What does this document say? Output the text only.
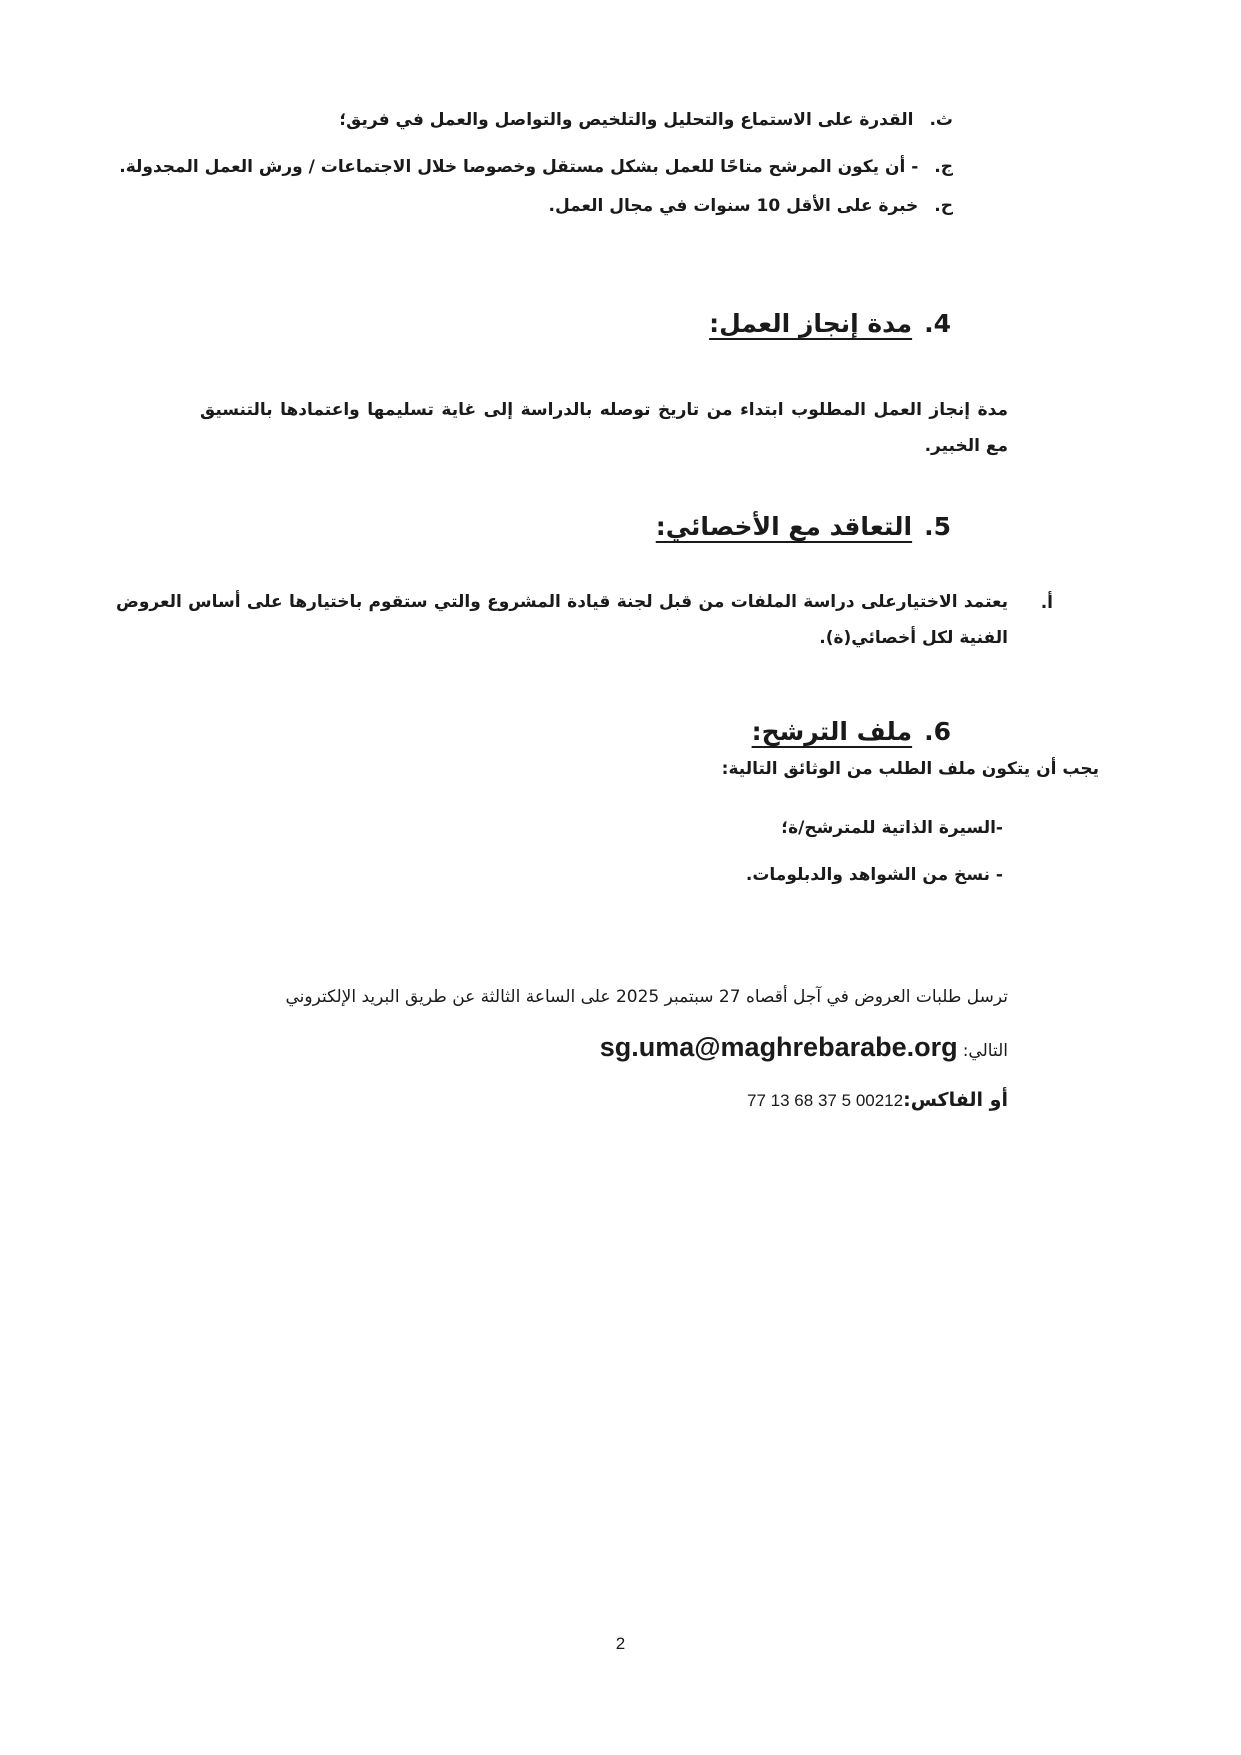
ث.القدرة على الاستماع والتحليل والتلخيص والتواصل والعمل في فريق؛
ج.- أن يكون المرشح متاحًا للعمل بشكل مستقل وخصوصا خلال الاجتماعات / ورش العمل المجدولة.
ح.خبرة على الأقل 10 سنوات في مجال العمل.
4.مدة إنجاز العمل:
مدة إنجاز العمل المطلوب ابتداء من تاريخ توصله بالدراسة إلى غاية تسليمها واعتمادها بالتنسيق مع الخبير.
5.التعاقد مع الأخصائي:
أ.
يعتمد الاختيارعلى دراسة الملفات من قبل لجنة قيادة المشروع والتي ستقوم باختيارها على أساس العروض الفنية لكل أخصائي(ة).
6.ملف الترشح:
يجب أن يتكون ملف الطلب من الوثائق التالية:
-السيرة الذاتية للمترشح/ة؛
- نسخ من الشواهد والدبلومات.
ترسل طلبات العروض في آجل أقصاه 27 سبتمبر 2025 على الساعة الثالثة عن طريق البريد الإلكتروني
التالي: sg.uma@maghrebarabe.org
أو الفاكس:00212 5 37 68 13 77
2
